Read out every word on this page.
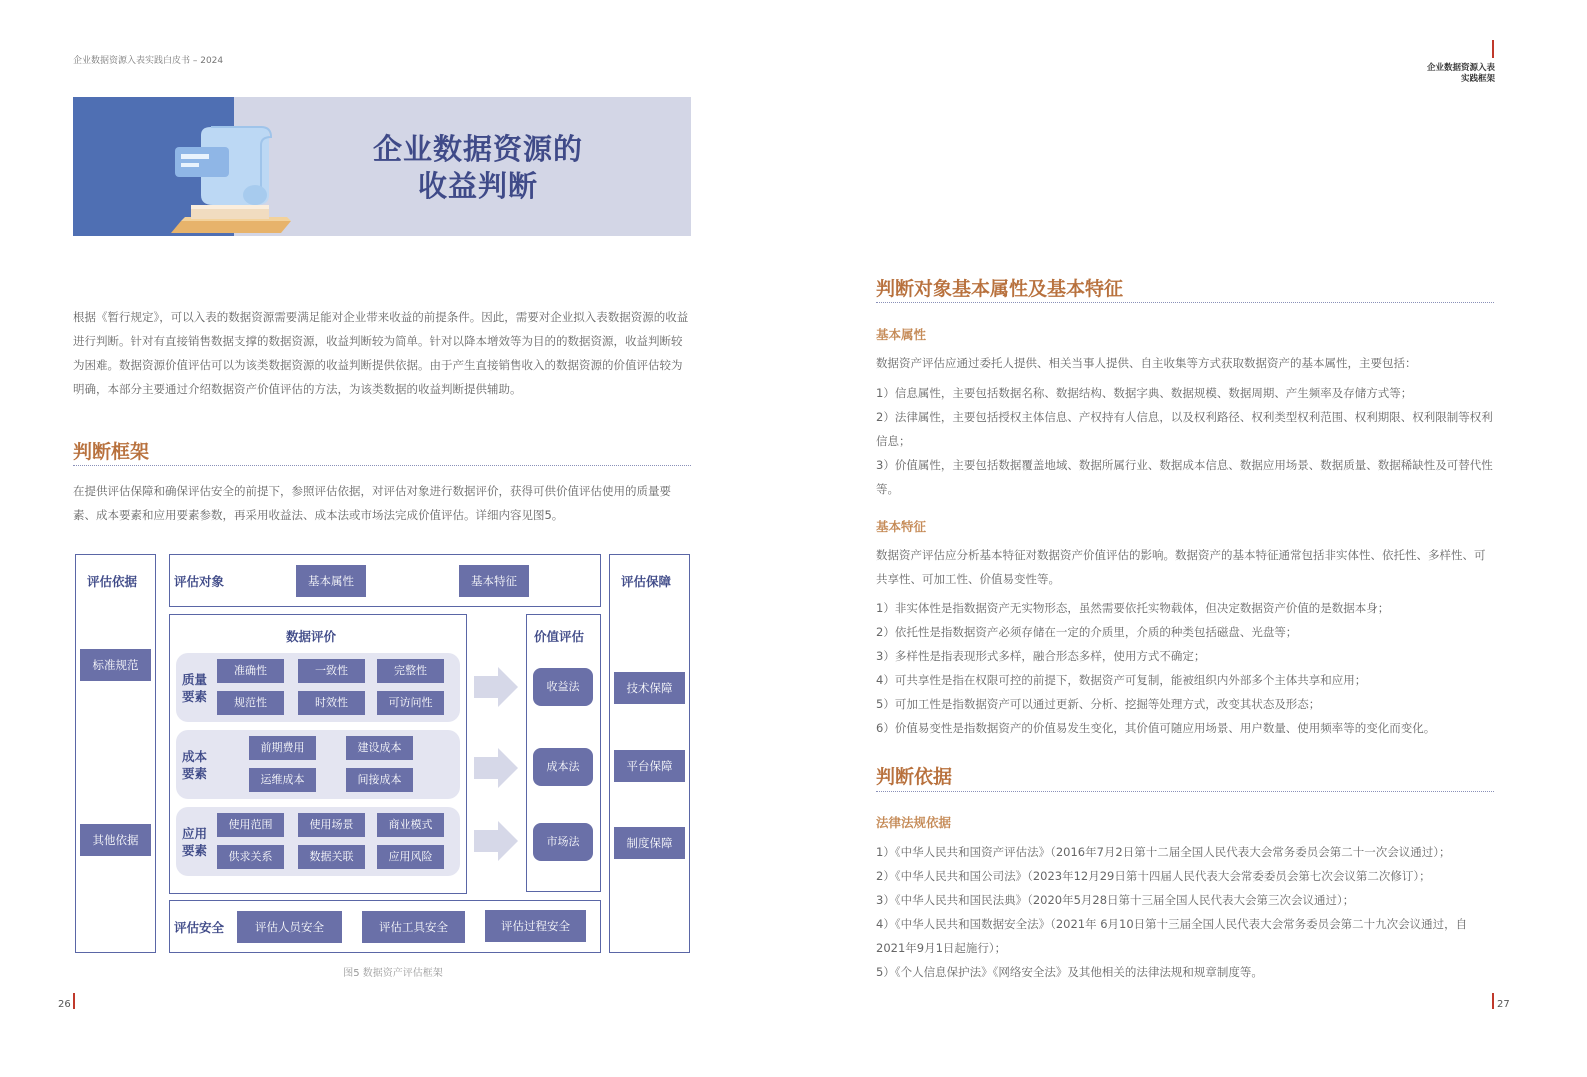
企业数据资源入表实践白皮书 – 2024
企业数据资源的
收益判断
根据《暂行规定》，可以入表的数据资源需要满足能对企业带来收益的前提条件。因此，需要对企业拟入表数据资源的收益进行判断。针对有直接销售数据支撑的数据资源，收益判断较为简单。针对以降本增效等为目的的数据资源，收益判断较为困难。数据资源价值评估可以为该类数据资源的收益判断提供依据。由于产生直接销售收入的数据资源的价值评估较为明确，本部分主要通过介绍数据资产价值评估的方法，为该类数据的收益判断提供辅助。
判断框架
在提供评估保障和确保评估安全的前提下，参照评估依据，对评估对象进行数据评价，获得可供价值评估使用的质量要素、成本要素和应用要素参数，再采用收益法、成本法或市场法完成价值评估。详细内容见图5。
评估依据
标准规范
其他依据
评估对象	基本属性	基本特征
数据评价
质量要素
准确性	一致性	完整性
规范性	时效性	可访问性
成本要素
前期费用	建设成本
运维成本	间接成本
应用要素
使用范围	使用场景	商业模式
供求关系	数据关联	应用风险
价值评估
收益法
成本法
市场法
评估保障
技术保障
平台保障
制度保障
评估安全	评估人员安全	评估工具安全	评估过程安全
图5 数据资产评估框架
26
企业数据资源入表
实践框架
判断对象基本属性及基本特征
基本属性
数据资产评估应通过委托人提供、相关当事人提供、自主收集等方式获取数据资产的基本属性，主要包括：
1）信息属性，主要包括数据名称、数据结构、数据字典、数据规模、数据周期、产生频率及存储方式等；
2）法律属性，主要包括授权主体信息、产权持有人信息，以及权利路径、权利类型权利范围、权利期限、权利限制等权利信息；
3）价值属性，主要包括数据覆盖地域、数据所属行业、数据成本信息、数据应用场景、数据质量、数据稀缺性及可替代性等。
基本特征
数据资产评估应分析基本特征对数据资产价值评估的影响。数据资产的基本特征通常包括非实体性、依托性、多样性、可共享性、可加工性、价值易变性等。
1）非实体性是指数据资产无实物形态，虽然需要依托实物载体，但决定数据资产价值的是数据本身；
2）依托性是指数据资产必须存储在一定的介质里，介质的种类包括磁盘、光盘等；
3）多样性是指表现形式多样，融合形态多样，使用方式不确定；
4）可共享性是指在权限可控的前提下，数据资产可复制，能被组织内外部多个主体共享和应用；
5）可加工性是指数据资产可以通过更新、分析、挖掘等处理方式，改变其状态及形态；
6）价值易变性是指数据资产的价值易发生变化，其价值可随应用场景、用户数量、使用频率等的变化而变化。
判断依据
法律法规依据
1）《中华人民共和国资产评估法》（2016年7月2日第十二届全国人民代表大会常务委员会第二十一次会议通过）；
2）《中华人民共和国公司法》（2023年12月29日第十四届人民代表大会常委委员会第七次会议第二次修订）；
3）《中华人民共和国民法典》（2020年5月28日第十三届全国人民代表大会第三次会议通过）；
4）《中华人民共和国数据安全法》（2021年 6月10日第十三届全国人民代表大会常务委员会第二十九次会议通过，自2021年9月1日起施行）；
5）《个人信息保护法》《网络安全法》及其他相关的法律法规和规章制度等。
27
